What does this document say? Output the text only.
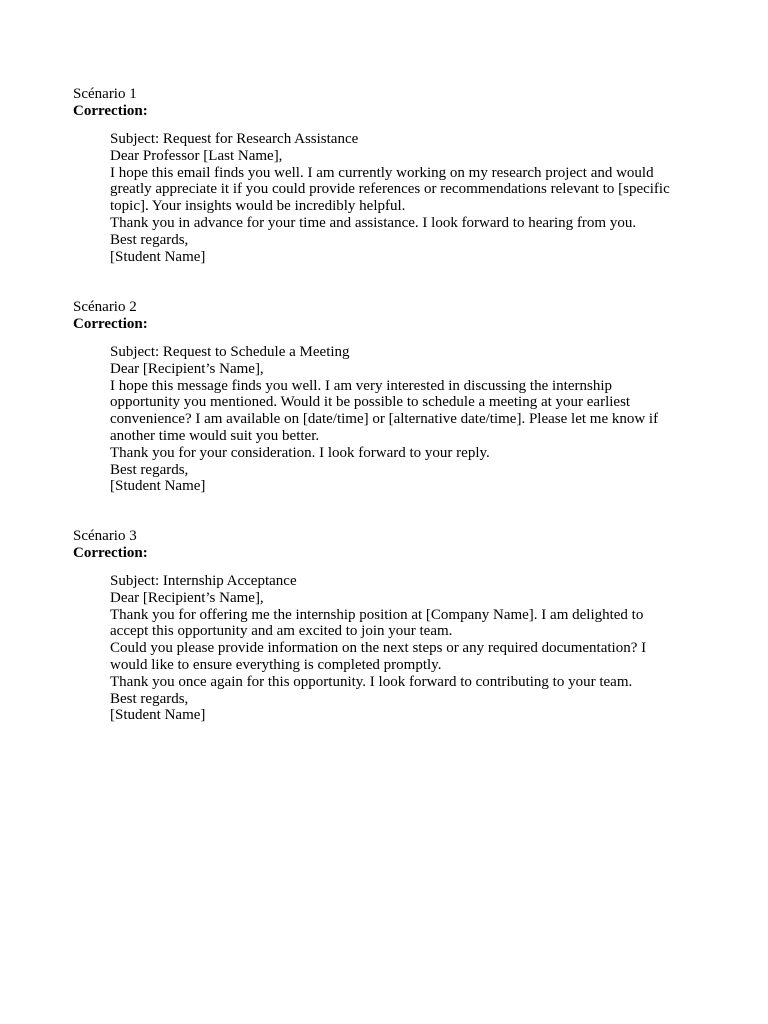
Scénario 1

Correction:

Subject: Request for Research Assistance

Dear Professor [Last Name],

I hope this email finds you well. I am currently working on my research project and would greatly appreciate it if you could provide references or recommendations relevant to [specific topic]. Your insights would be incredibly helpful.

Thank you in advance for your time and assistance. I look forward to hearing from you.

Best regards,

[Student Name]

Scénario 2

Correction:

Subject: Request to Schedule a Meeting

Dear [Recipient’s Name],

I hope this message finds you well. I am very interested in discussing the internship opportunity you mentioned. Would it be possible to schedule a meeting at your earliest convenience? I am available on [date/time] or [alternative date/time]. Please let me know if another time would suit you better.

Thank you for your consideration. I look forward to your reply.

Best regards,

[Student Name]

Scénario 3

Correction:

Subject: Internship Acceptance

Dear [Recipient’s Name],

Thank you for offering me the internship position at [Company Name]. I am delighted to accept this opportunity and am excited to join your team.

Could you please provide information on the next steps or any required documentation? I would like to ensure everything is completed promptly.

Thank you once again for this opportunity. I look forward to contributing to your team.

Best regards,

[Student Name]
